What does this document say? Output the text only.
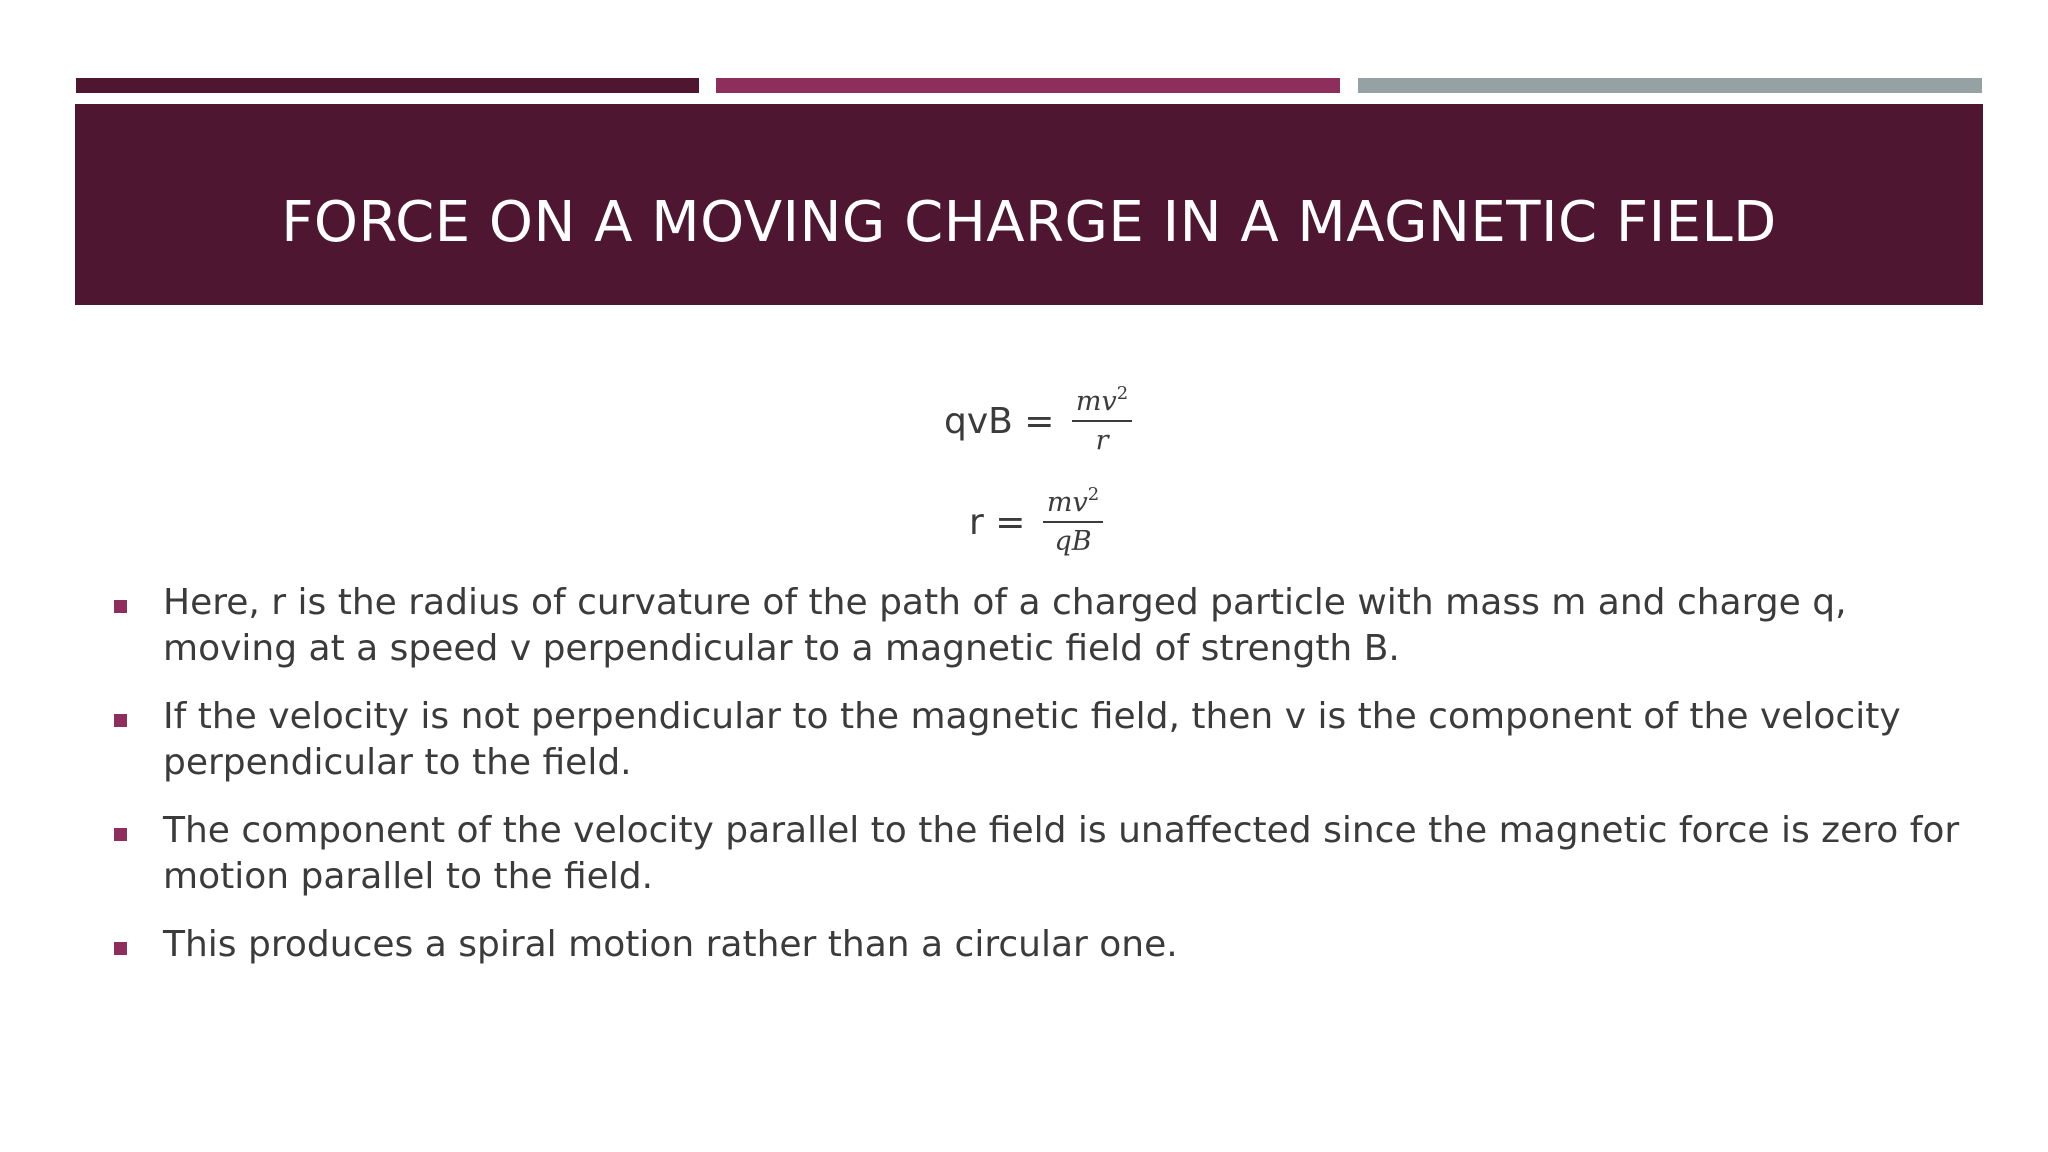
FORCE ON A MOVING CHARGE IN A MAGNETIC FIELD
qvB = $\frac{mv^2}{r}$
$r = \frac{mv^2}{qB}$
Here, r is the radius of curvature of the path of a charged particle with mass m and charge q, moving at a speed v perpendicular to a magnetic field of strength B.
If the velocity is not perpendicular to the magnetic field, then v is the component of the velocity perpendicular to the field.
The component of the velocity parallel to the field is unaffected since the magnetic force is zero for motion parallel to the field.
This produces a spiral motion rather than a circular one.
